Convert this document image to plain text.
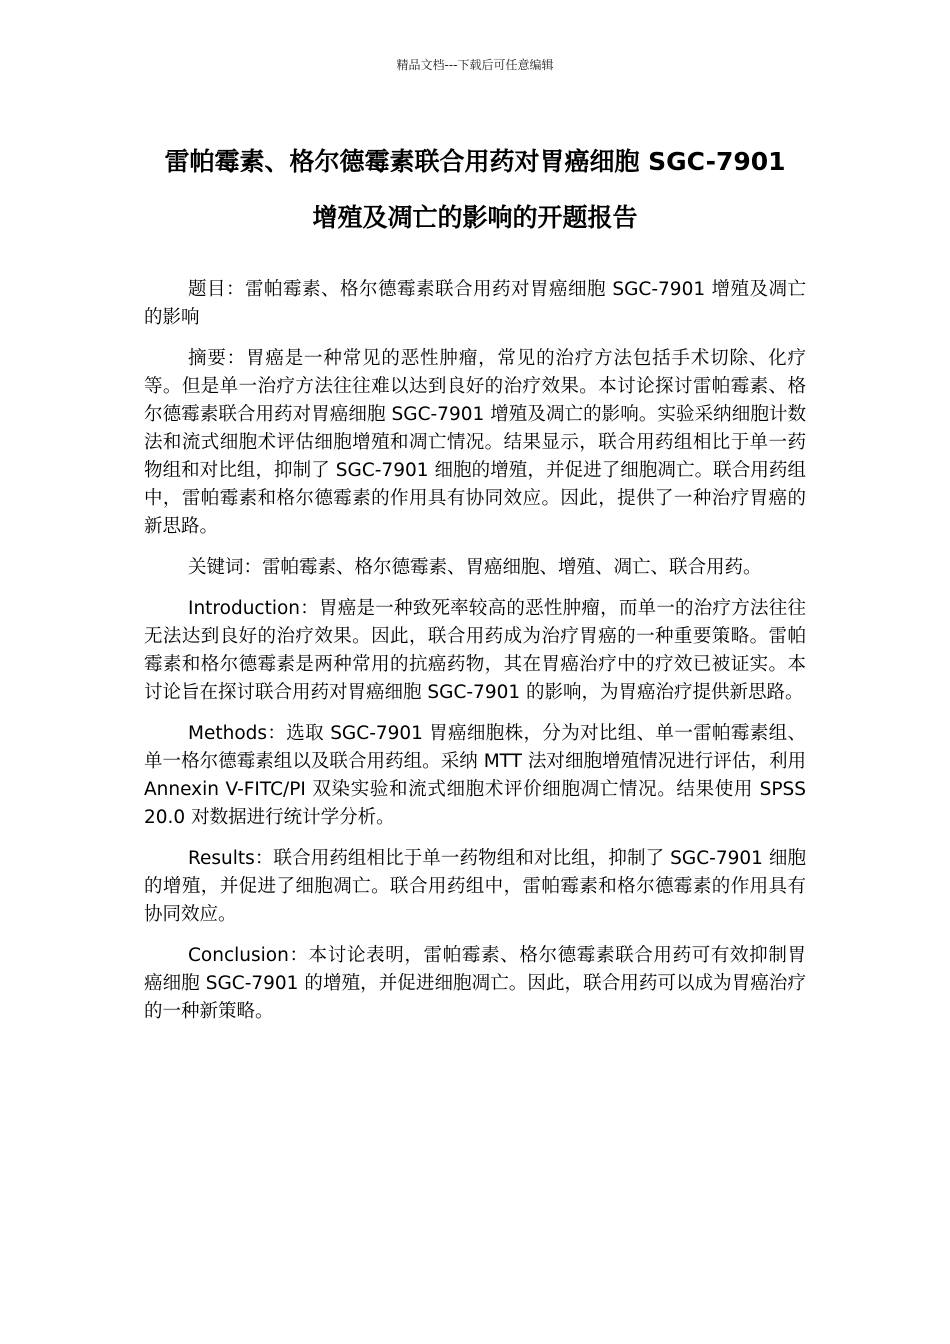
精品文档---下载后可任意编辑
雷帕霉素、格尔德霉素联合用药对胃癌细胞 SGC-7901 增殖及凋亡的影响的开题报告

题目：雷帕霉素、格尔德霉素联合用药对胃癌细胞 SGC-7901 增殖及凋亡的影响

摘要：胃癌是一种常见的恶性肿瘤，常见的治疗方法包括手术切除、化疗等。但是单一治疗方法往往难以达到良好的治疗效果。本讨论探讨雷帕霉素、格尔德霉素联合用药对胃癌细胞 SGC-7901 增殖及凋亡的影响。实验采纳细胞计数法和流式细胞术评估细胞增殖和凋亡情况。结果显示，联合用药组相比于单一药物组和对比组，抑制了 SGC-7901 细胞的增殖，并促进了细胞凋亡。联合用药组中，雷帕霉素和格尔德霉素的作用具有协同效应。因此，提供了一种治疗胃癌的新思路。

关键词：雷帕霉素、格尔德霉素、胃癌细胞、增殖、凋亡、联合用药。

Introduction：胃癌是一种致死率较高的恶性肿瘤，而单一的治疗方法往往无法达到良好的治疗效果。因此，联合用药成为治疗胃癌的一种重要策略。雷帕霉素和格尔德霉素是两种常用的抗癌药物，其在胃癌治疗中的疗效已被证实。本讨论旨在探讨联合用药对胃癌细胞 SGC-7901 的影响，为胃癌治疗提供新思路。

Methods：选取 SGC-7901 胃癌细胞株，分为对比组、单一雷帕霉素组、单一格尔德霉素组以及联合用药组。采纳 MTT 法对细胞增殖情况进行评估，利用 Annexin V-FITC/PI 双染实验和流式细胞术评价细胞凋亡情况。结果使用 SPSS 20.0 对数据进行统计学分析。

Results：联合用药组相比于单一药物组和对比组，抑制了 SGC-7901 细胞的增殖，并促进了细胞凋亡。联合用药组中，雷帕霉素和格尔德霉素的作用具有协同效应。

Conclusion：本讨论表明，雷帕霉素、格尔德霉素联合用药可有效抑制胃癌细胞 SGC-7901 的增殖，并促进细胞凋亡。因此，联合用药可以成为胃癌治疗的一种新策略。
